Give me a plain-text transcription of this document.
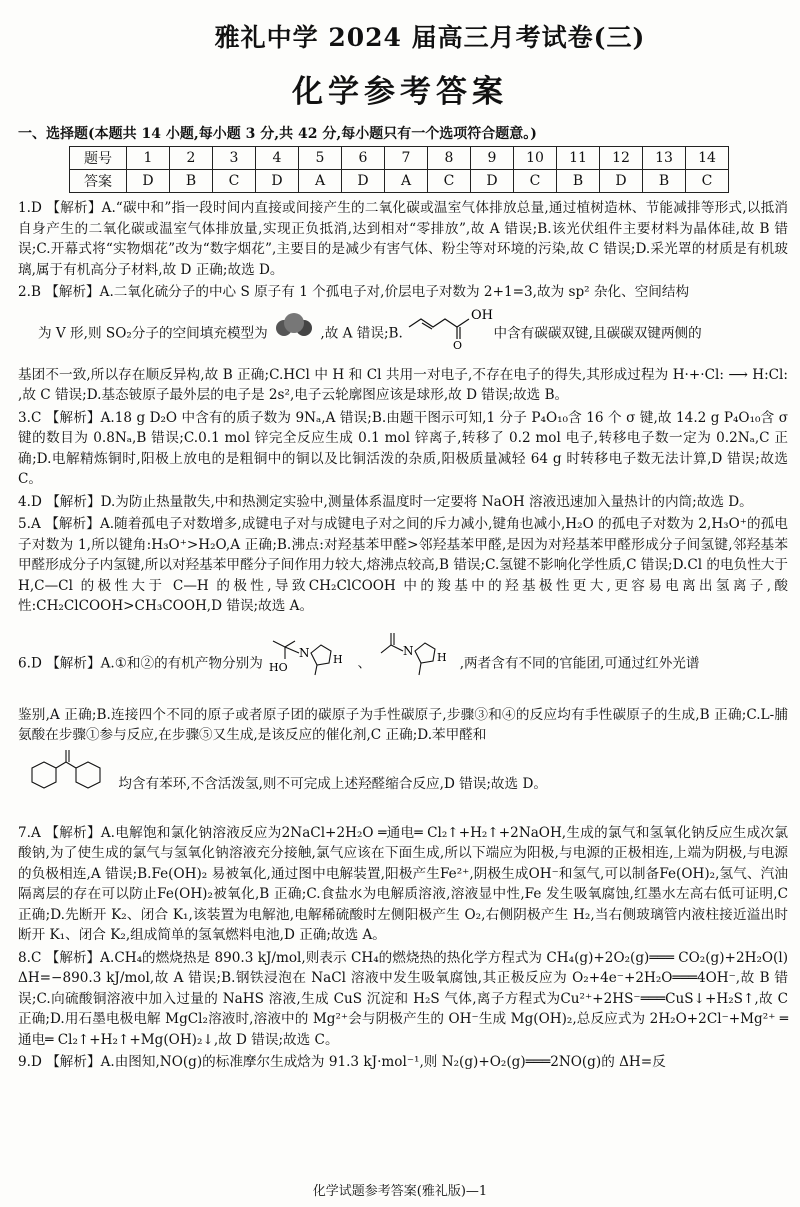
雅礼中学 2024 届高三月考试卷(三)
化学参考答案
一、选择题(本题共 14 小题,每小题 3 分,共 42 分,每小题只有一个选项符合题意。)
题号	1	2	3	4	5	6	7	8	9	10	11	12	13	14
答案	D	B	C	D	A	D	A	C	D	C	B	D	B	C

1.D 【解析】A.“碳中和”指一段时间内直接或间接产生的二氧化碳或温室气体排放总量,通过植树造林、节能减排等形式,以抵消自身产生的二氧化碳或温室气体排放量,实现正负抵消,达到相对“零排放”,故 A 错误;B.该光伏组件主要材料为晶体硅,故 B 错误;C.开幕式将“实物烟花”改为“数字烟花”,主要目的是减少有害气体、粉尘等对环境的污染,故 C 错误;D.采光罩的材质是有机玻璃,属于有机高分子材料,故 D 正确;故选 D。

2.B 【解析】A.二氧化硫分子的中心 S 原子有 1 个孤电子对,价层电子对数为 2+1=3,故为 sp² 杂化、空间结构

为 V 形,则 SO₂分子的空间填充模型为	,故 A 错误;B.
OH
O
中含有碳碳双键,且碳碳双键两侧的

基团不一致,所以存在顺反异构,故 B 正确;C.HCl 中 H 和 Cl 共用一对电子,不存在电子的得失,其形成过程为 H·+·Cl: ⟶ H:Cl: ,故 C 错误;D.基态铍原子最外层的电子是 2s²,电子云轮廓图应该是球形,故 D 错误;故选 B。

3.C 【解析】A.18 g D₂O 中含有的质子数为 9Nₐ,A 错误;B.由题干图示可知,1 分子 P₄O₁₀含 16 个 σ 键,故 14.2 g P₄O₁₀含 σ 键的数目为 0.8Nₐ,B 错误;C.0.1 mol 锌完全反应生成 0.1 mol 锌离子,转移了 0.2 mol 电子,转移电子数一定为 0.2Nₐ,C 正确;D.电解精炼铜时,阳极上放电的是粗铜中的铜以及比铜活泼的杂质,阳极质量减轻 64 g 时转移电子数无法计算,D 错误;故选 C。

4.D 【解析】D.为防止热量散失,中和热测定实验中,测量体系温度时一定要将 NaOH 溶液迅速加入量热计的内筒;故选 D。

5.A 【解析】A.随着孤电子对数增多,成键电子对与成键电子对之间的斥力减小,键角也减小,H₂O 的孤电子对数为 2,H₃O⁺的孤电子对数为 1,所以键角:H₃O⁺>H₂O,A 正确;B.沸点:对羟基苯甲醛>邻羟基苯甲醛,是因为对羟基苯甲醛形成分子间氢键,邻羟基苯甲醛形成分子内氢键,所以对羟基苯甲醛分子间作用力较大,熔沸点较高,B 错误;C.氢键不影响化学性质,C 错误;D.Cl 的电负性大于 H,C—Cl 的极性大于 C—H 的极性,导致CH₂ClCOOH 中的羧基中的羟基极性更大,更容易电离出氢离子,酸性:CH₂ClCOOH>CH₃COOH,D 错误;故选 A。

6.D 【解析】A.①和②的有机产物分别为
N
HO
H 、
N H ,两者含有不同的官能团,可通过红外光谱

鉴别,A 正确;B.连接四个不同的原子或者原子团的碳原子为手性碳原子,步骤③和④的反应均有手性碳原子的生成,B 正确;C.L-脯氨酸在步骤①参与反应,在步骤⑤又生成,是该反应的催化剂,C 正确;D.苯甲醛和

均含有苯环,不含活泼氢,则不可完成上述羟醛缩合反应,D 错误;故选 D。

7.A 【解析】A.电解饱和氯化钠溶液反应为2NaCl+2H₂O ═通电═ Cl₂↑+H₂↑+2NaOH,生成的氯气和氢氧化钠反应生成次氯酸钠,为了使生成的氯气与氢氧化钠溶液充分接触,氯气应该在下面生成,所以下端应为阳极,与电源的正极相连,上端为阴极,与电源的负极相连,A 错误;B.Fe(OH)₂ 易被氧化,通过图中电解装置,阳极产生Fe²⁺,阴极生成OH⁻和氢气,可以制备Fe(OH)₂,氢气、汽油隔离层的存在可以防止Fe(OH)₂被氧化,B 正确;C.食盐水为电解质溶液,溶液显中性,Fe 发生吸氧腐蚀,红墨水左高右低可证明,C 正确;D.先断开 K₂、闭合 K₁,该装置为电解池,电解稀硫酸时左侧阳极产生 O₂,右侧阴极产生 H₂,当右侧玻璃管内液柱接近溢出时断开 K₁、闭合 K₂,组成简单的氢氧燃料电池,D 正确;故选 A。

8.C 【解析】A.CH₄的燃烧热是 890.3 kJ/mol,则表示 CH₄的燃烧热的热化学方程式为 CH₄(g)+2O₂(g)═══ CO₂(g)+2H₂O(l) ΔH=−890.3 kJ/mol,故 A 错误;B.钢铁浸泡在 NaCl 溶液中发生吸氧腐蚀,其正极反应为 O₂+4e⁻+2H₂O═══4OH⁻,故 B 错误;C.向硫酸铜溶液中加入过量的 NaHS 溶液,生成 CuS 沉淀和 H₂S 气体,离子方程式为Cu²⁺+2HS⁻═══CuS↓+H₂S↑,故 C 正确;D.用石墨电极电解 MgCl₂溶液时,溶液中的 Mg²⁺会与阴极产生的 OH⁻生成 Mg(OH)₂,总反应式为 2H₂O+2Cl⁻+Mg²⁺ ═通电═ Cl₂↑+H₂↑+Mg(OH)₂↓,故 D 错误;故选 C。

9.D 【解析】A.由图知,NO(g)的标准摩尔生成焓为 91.3 kJ·mol⁻¹,则 N₂(g)+O₂(g)═══2NO(g)的 ΔH=反

化学试题参考答案(雅礼版)—1
